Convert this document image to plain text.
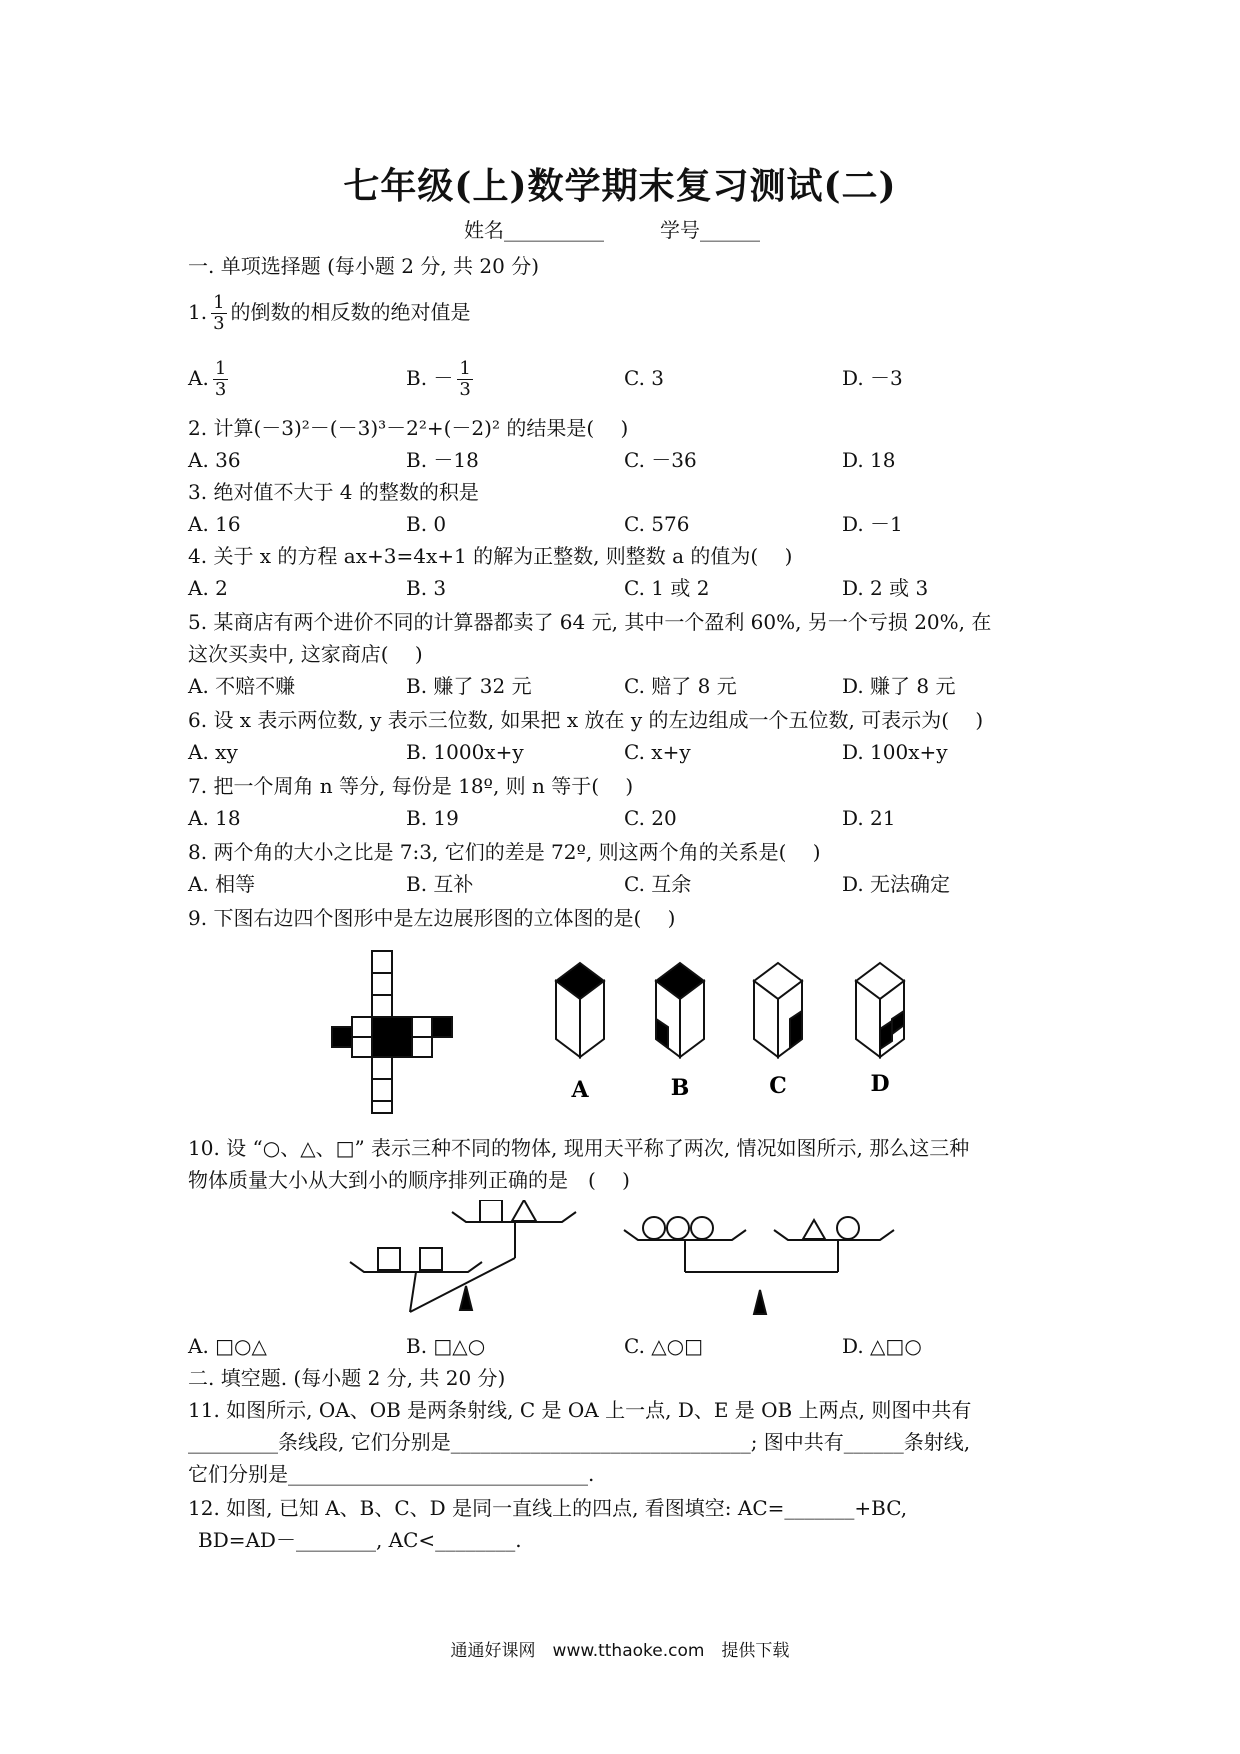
七年级(上)数学期末复习测试(二)
姓名__________	学号______
一. 单项选择题 (每小题 2 分, 共 20 分)
1. $\frac{1}{3}$ 的倒数的相反数的绝对值是
A. $\frac{1}{3}$	B. － $\frac{1}{3}$	C. 3	D. －3
2. 计算(－3)²－(－3)³－2²+(－2)² 的结果是(　 )
A. 36	B. －18	C. －36	D. 18
3. 绝对值不大于 4 的整数的积是
A. 16	B. 0	C. 576	D. －1
4. 关于 x 的方程 ax+3=4x+1 的解为正整数, 则整数 a 的值为(　 )
A. 2	B. 3	C. 1 或 2	D. 2 或 3
5. 某商店有两个进价不同的计算器都卖了 64 元, 其中一个盈利 60%, 另一个亏损 20%, 在
这次买卖中, 这家商店(　 )
A. 不赔不赚	B. 赚了 32 元	C. 赔了 8 元	D. 赚了 8 元
6. 设 x 表示两位数, y 表示三位数, 如果把 x 放在 y 的左边组成一个五位数, 可表示为(　 )
A. xy	B. 1000x+y	C. x+y	D. 100x+y
7. 把一个周角 n 等分, 每份是 18º, 则 n 等于(　 )
A. 18	B. 19	C. 20	D. 21
8. 两个角的大小之比是 7:3, 它们的差是 72º, 则这两个角的关系是(　 )
A. 相等	B. 互补	C. 互余	D. 无法确定
9. 下图右边四个图形中是左边展形图的立体图的是(　 )
A	B	C	D
10. 设 “○、△、□” 表示三种不同的物体, 现用天平称了两次, 情况如图所示, 那么这三种
物体质量大小从大到小的顺序排列正确的是　(　 )
A. □○△	B. □△○	C. △○□	D. △□○
二. 填空题. (每小题 2 分, 共 20 分)
11. 如图所示, OA、OB 是两条射线, C 是 OA 上一点, D、E 是 OB 上两点, 则图中共有
_________条线段, 它们分别是______________________________; 图中共有______条射线,
它们分别是______________________________.
12. 如图, 已知 A、B、C、D 是同一直线上的四点, 看图填空: AC=_______+BC,
BD=AD－________, AC<________.
通通好课网　www.tthaoke.com　提供下载
